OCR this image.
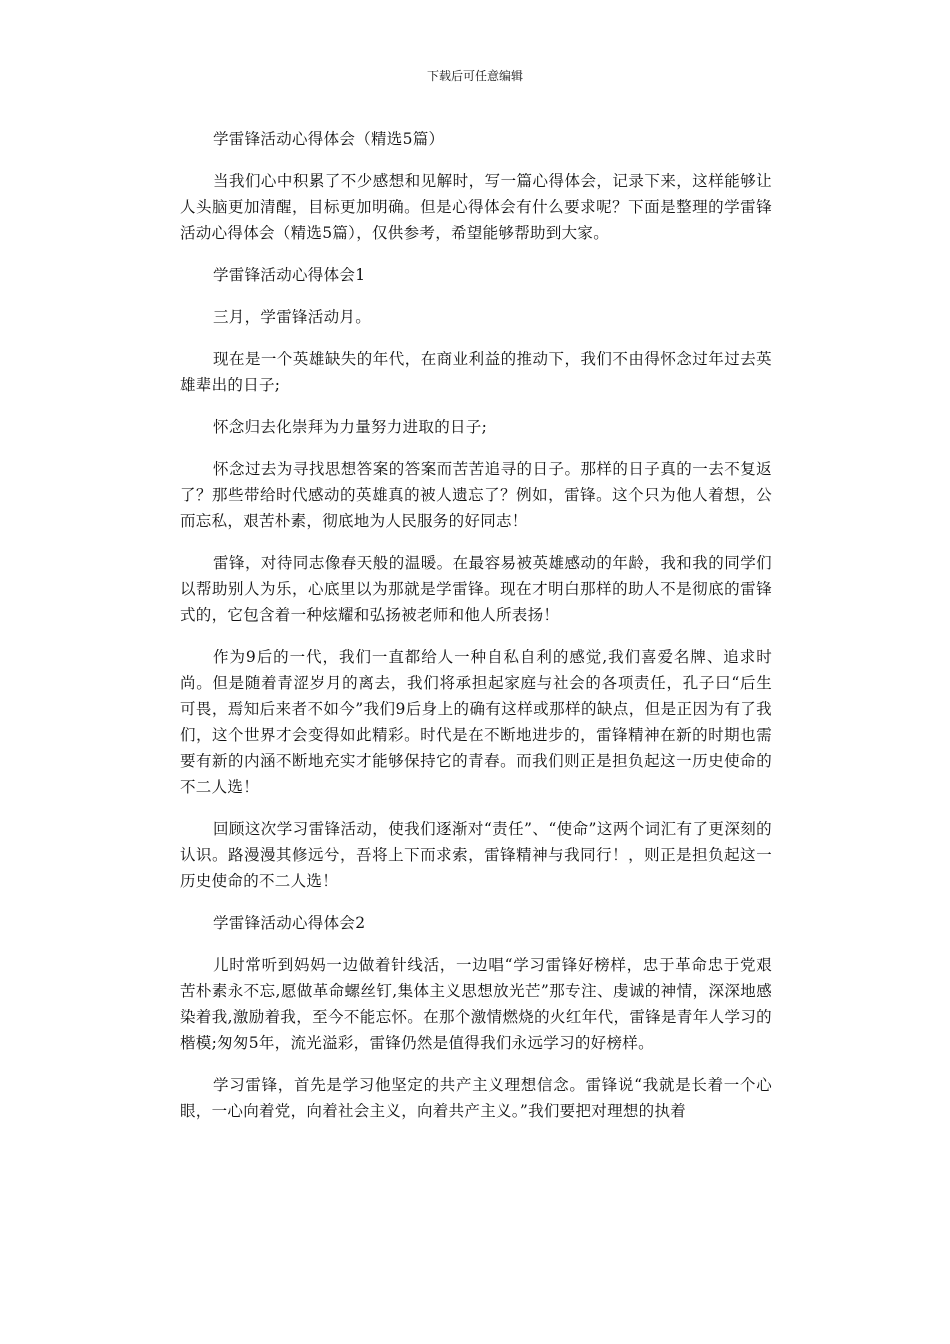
下载后可任意编辑

学雷锋活动心得体会（精选5篇）

当我们心中积累了不少感想和见解时，写一篇心得体会，记录下来，这样能够让人头脑更加清醒，目标更加明确。但是心得体会有什么要求呢？下面是整理的学雷锋活动心得体会（精选5篇），仅供参考，希望能够帮助到大家。

学雷锋活动心得体会1

三月，学雷锋活动月。

现在是一个英雄缺失的年代，在商业利益的推动下，我们不由得怀念过年过去英雄辈出的日子;

怀念归去化崇拜为力量努力进取的日子;

怀念过去为寻找思想答案的答案而苦苦追寻的日子。那样的日子真的一去不复返了？那些带给时代感动的英雄真的被人遗忘了？例如，雷锋。这个只为他人着想，公而忘私，艰苦朴素，彻底地为人民服务的好同志！

雷锋，对待同志像春天般的温暖。在最容易被英雄感动的年龄，我和我的同学们以帮助别人为乐，心底里以为那就是学雷锋。现在才明白那样的助人不是彻底的雷锋式的，它包含着一种炫耀和弘扬被老师和他人所表扬！

作为9后的一代，我们一直都给人一种自私自利的感觉,我们喜爱名牌、追求时尚。但是随着青涩岁月的离去，我们将承担起家庭与社会的各项责任，孔子曰“后生可畏，焉知后来者不如今”我们9后身上的确有这样或那样的缺点，但是正因为有了我们，这个世界才会变得如此精彩。时代是在不断地进步的，雷锋精神在新的时期也需要有新的内涵不断地充实才能够保持它的青春。而我们则正是担负起这一历史使命的不二人选！

回顾这次学习雷锋活动，使我们逐渐对“责任”、“使命”这两个词汇有了更深刻的认识。路漫漫其修远兮，吾将上下而求索，雷锋精神与我同行！，则正是担负起这一历史使命的不二人选！

学雷锋活动心得体会2

儿时常听到妈妈一边做着针线活，一边唱“学习雷锋好榜样，忠于革命忠于党艰苦朴素永不忘,愿做革命螺丝钉,集体主义思想放光芒”那专注、虔诚的神情，深深地感染着我,激励着我，至今不能忘怀。在那个激情燃烧的火红年代，雷锋是青年人学习的楷模;匆匆5年，流光溢彩，雷锋仍然是值得我们永远学习的好榜样。

学习雷锋，首先是学习他坚定的共产主义理想信念。雷锋说“我就是长着一个心眼，一心向着党，向着社会主义，向着共产主义。”我们要把对理想的执着
